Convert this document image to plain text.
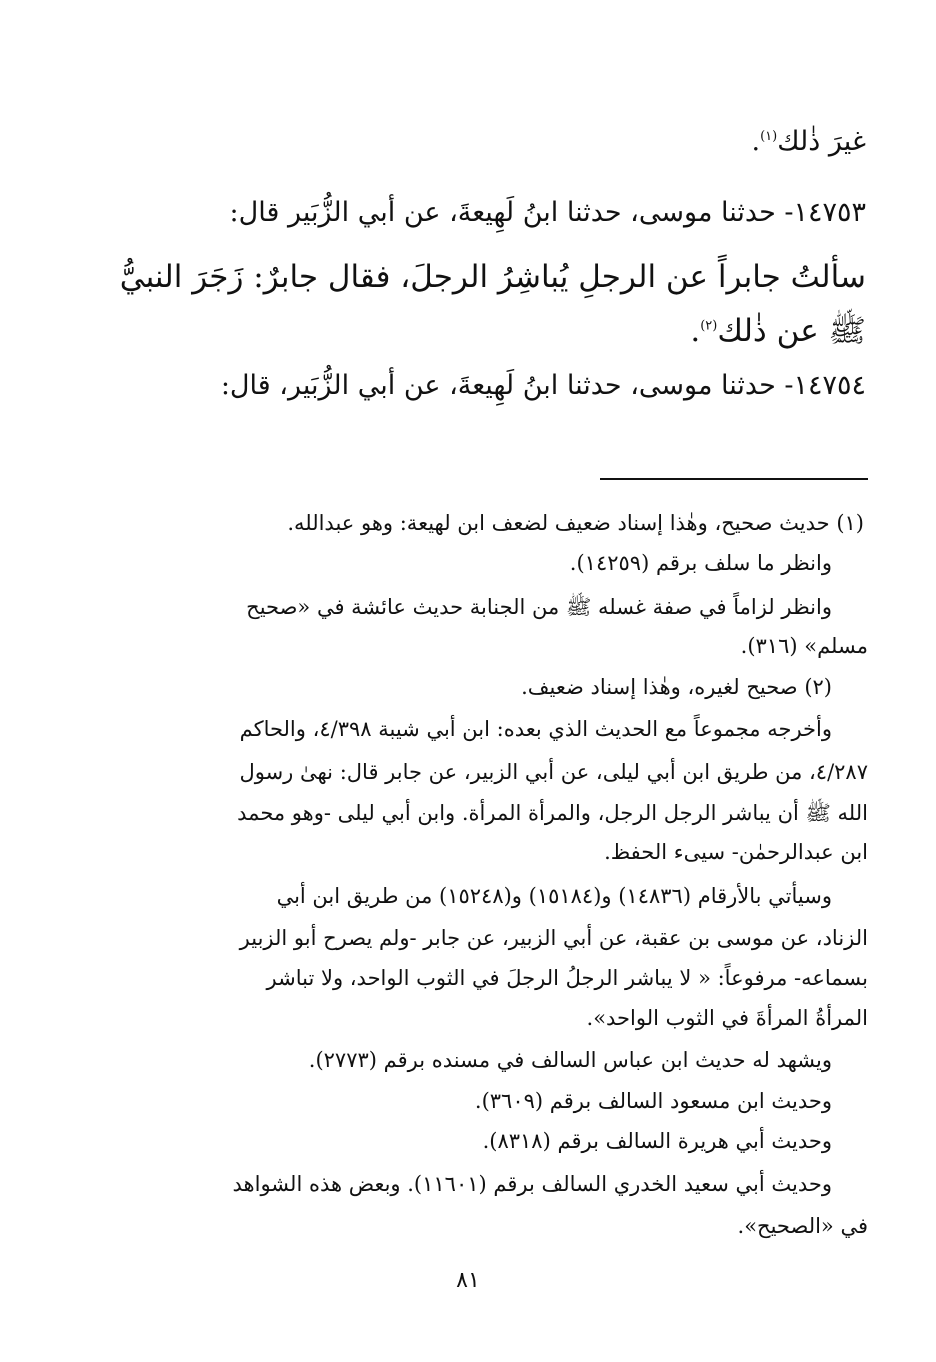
غيرَ ذٰلك$^{(١)}$.
١٤٧٥٣- حدثنا موسى، حدثنا ابنُ لَهِيعةَ، عن أبي الزُّبَير قال:
سألتُ جابراً عن الرجلِ يُباشِرُ الرجلَ، فقال جابرٌ: زَجَرَ النبيُّ
ﷺ عن ذٰلك$^{(٢)}$.
١٤٧٥٤- حدثنا موسى، حدثنا ابنُ لَهِيعةَ، عن أبي الزُّبَير، قال:
(١) حديث صحيح، وهٰذا إسناد ضعيف لضعف ابن لهيعة: وهو عبدالله.
وانظر ما سلف برقم (١٤٢٥٩).
وانظر لزاماً في صفة غسله ﷺ من الجنابة حديث عائشة في «صحيح
مسلم» (٣١٦).
(٢) صحيح لغيره، وهٰذا إسناد ضعيف.
وأخرجه مجموعاً مع الحديث الذي بعده: ابن أبي شيبة ٤/٣٩٨، والحاكم
٤/٢٨٧، من طريق ابن أبي ليلى، عن أبي الزبير، عن جابر قال: نهىٰ رسول
الله ﷺ أن يباشر الرجل الرجل، والمرأة المرأة. وابن أبي ليلى -وهو محمد
ابن عبدالرحمٰن- سيىء الحفظ.
وسيأتي بالأرقام (١٤٨٣٦) و(١٥١٨٤) و(١٥٢٤٨) من طريق ابن أبي
الزناد، عن موسى بن عقبة، عن أبي الزبير، عن جابر -ولم يصرح أبو الزبير
بسماعه- مرفوعاً: « لا يباشر الرجلُ الرجلَ في الثوب الواحد، ولا تباشر
المرأةُ المرأةَ في الثوب الواحد».
ويشهد له حديث ابن عباس السالف في مسنده برقم (٢٧٧٣).
وحديث ابن مسعود السالف برقم (٣٦٠٩).
وحديث أبي هريرة السالف برقم (٨٣١٨).
وحديث أبي سعيد الخدري السالف برقم (١١٦٠١). وبعض هذه الشواهد
في «الصحيح».
٨١
